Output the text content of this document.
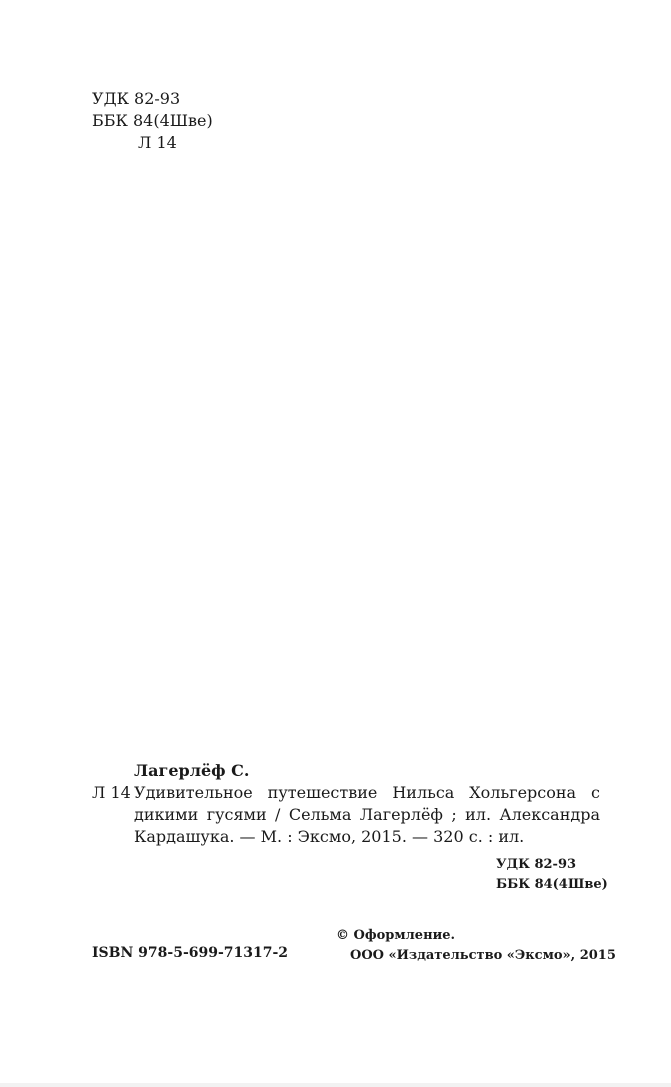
УДК 82-93
ББК 84(4Шве)
Л 14
Лагерлёф С.
Л 14 Удивительное путешествие Нильса Хольгерсона с дикими гусями / Сельма Лагерлёф ; ил. Александра Кардашука. — М. : Эксмо, 2015. — 320 с. : ил.
УДК 82-93
ББК 84(4Шве)
© Оформление.
ООО «Издательство «Эксмо», 2015
ISBN 978-5-699-71317-2
